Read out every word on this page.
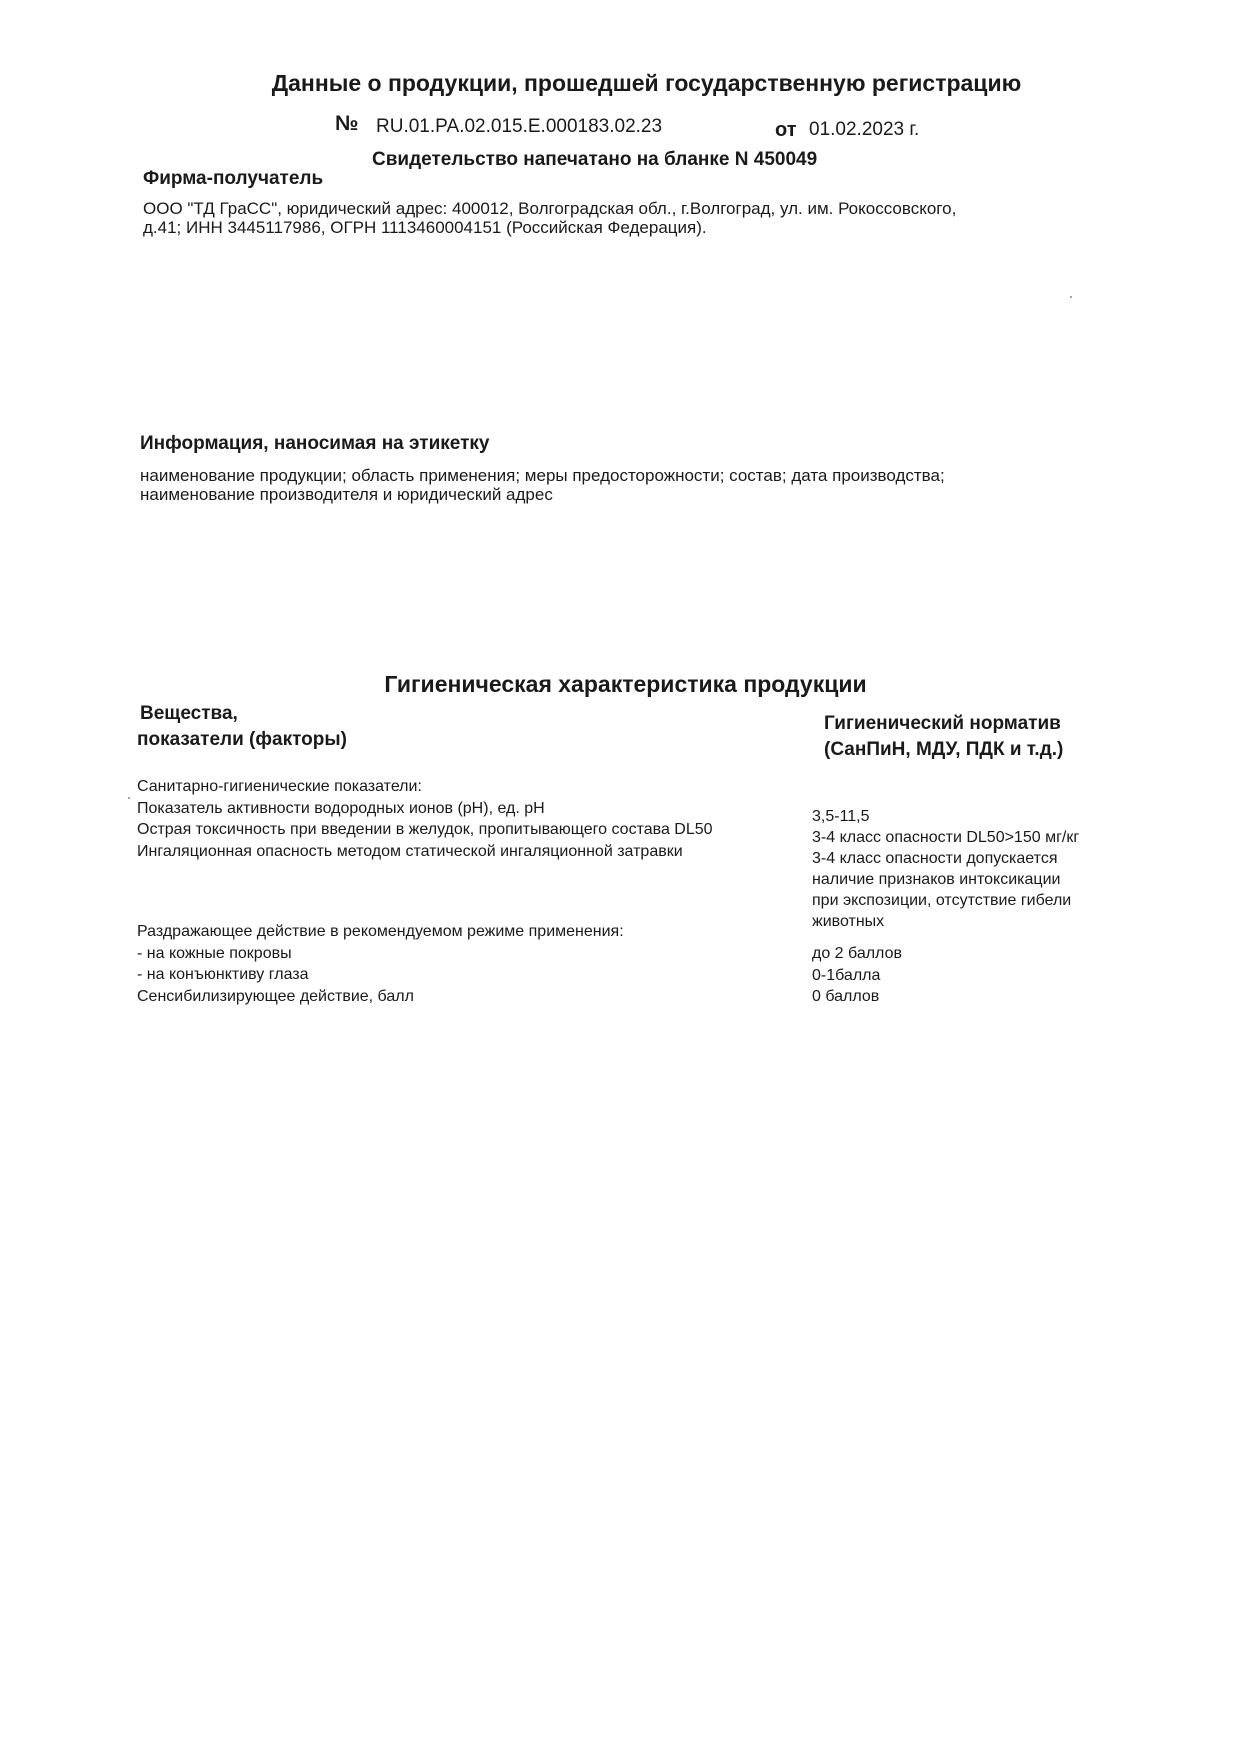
Данные о продукции, прошедшей государственную регистрацию
№ RU.01.РА.02.015.Е.000183.02.23	от 01.02.2023 г.
Свидетельство напечатано на бланке N 450049
Фирма-получатель
ООО "ТД ГраСС", юридический адрес: 400012, Волгоградская обл., г.Волгоград, ул. им. Рокоссовского,
д.41; ИНН 3445117986, ОГРН 1113460004151 (Российская Федерация).
Информация, наносимая на этикетку
наименование продукции; область применения; меры предосторожности; состав; дата производства;
наименование производителя и юридический адрес
Гигиеническая характеристика продукции
Вещества,
показатели (факторы)
Гигиенический норматив
(СанПиН, МДУ, ПДК и т.д.)
Санитарно-гигиенические показатели:
Показатель активности водородных ионов (рН), ед. рН
Острая токсичность при введении в желудок, пропитывающего состава DL50
Ингаляционная опасность методом статической ингаляционной затравки
3,5-11,5
3-4 класс опасности DL50>150 мг/кг
3-4 класс опасности допускается
наличие признаков интоксикации
при экспозиции, отсутствие гибели
животных
Раздражающее действие в рекомендуемом режиме применения:
- на кожные покровы
- на конъюнктиву глаза
Сенсибилизирующее действие, балл
до 2 баллов
0-1балла
0 баллов
